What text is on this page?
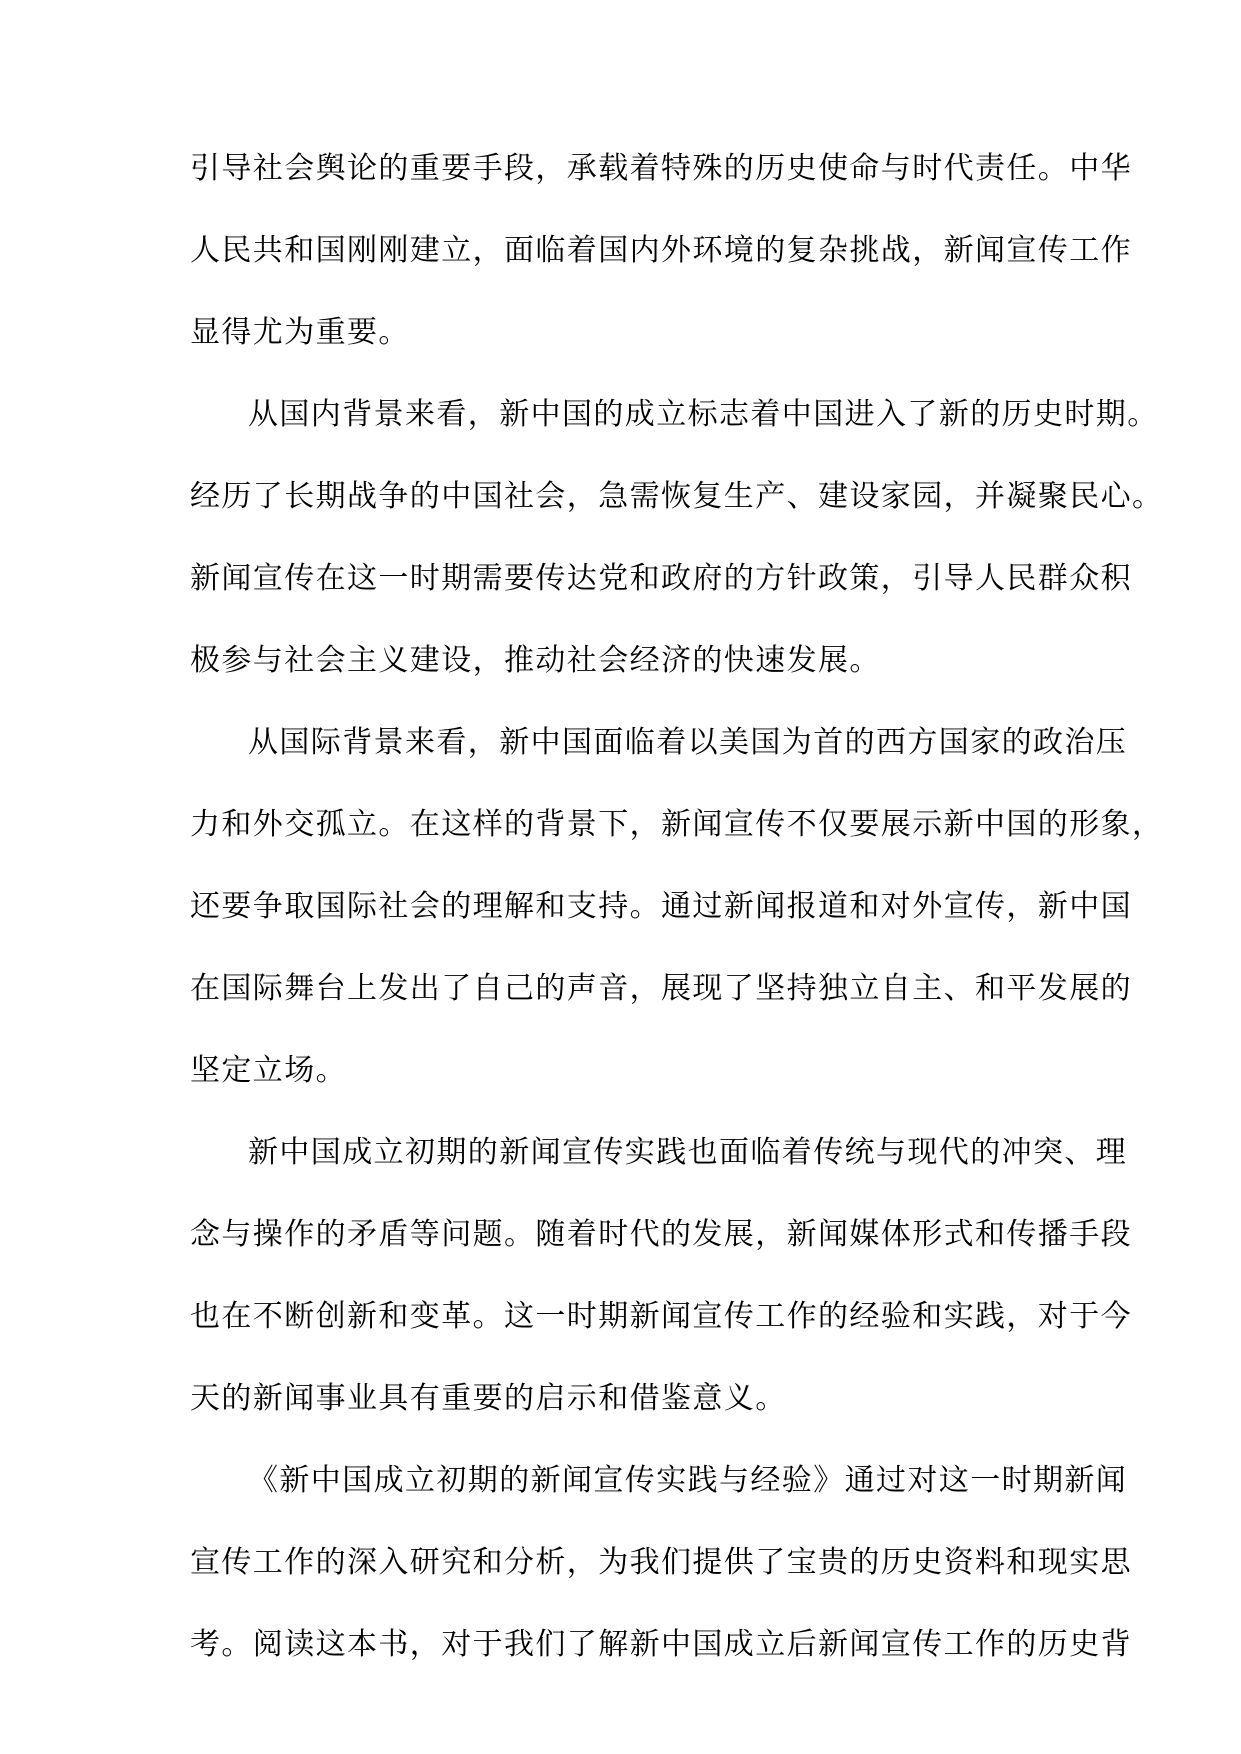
引导社会舆论的重要手段，承载着特殊的历史使命与时代责任。中华
人民共和国刚刚建立，面临着国内外环境的复杂挑战，新闻宣传工作
显得尤为重要。
从国内背景来看，新中国的成立标志着中国进入了新的历史时期。
经历了长期战争的中国社会，急需恢复生产、建设家园，并凝聚民心。
新闻宣传在这一时期需要传达党和政府的方针政策，引导人民群众积
极参与社会主义建设，推动社会经济的快速发展。
从国际背景来看，新中国面临着以美国为首的西方国家的政治压
力和外交孤立。在这样的背景下，新闻宣传不仅要展示新中国的形象，
还要争取国际社会的理解和支持。通过新闻报道和对外宣传，新中国
在国际舞台上发出了自己的声音，展现了坚持独立自主、和平发展的
坚定立场。
新中国成立初期的新闻宣传实践也面临着传统与现代的冲突、理
念与操作的矛盾等问题。随着时代的发展，新闻媒体形式和传播手段
也在不断创新和变革。这一时期新闻宣传工作的经验和实践，对于今
天的新闻事业具有重要的启示和借鉴意义。
《新中国成立初期的新闻宣传实践与经验》通过对这一时期新闻
宣传工作的深入研究和分析，为我们提供了宝贵的历史资料和现实思
考。阅读这本书，对于我们了解新中国成立后新闻宣传工作的历史背
